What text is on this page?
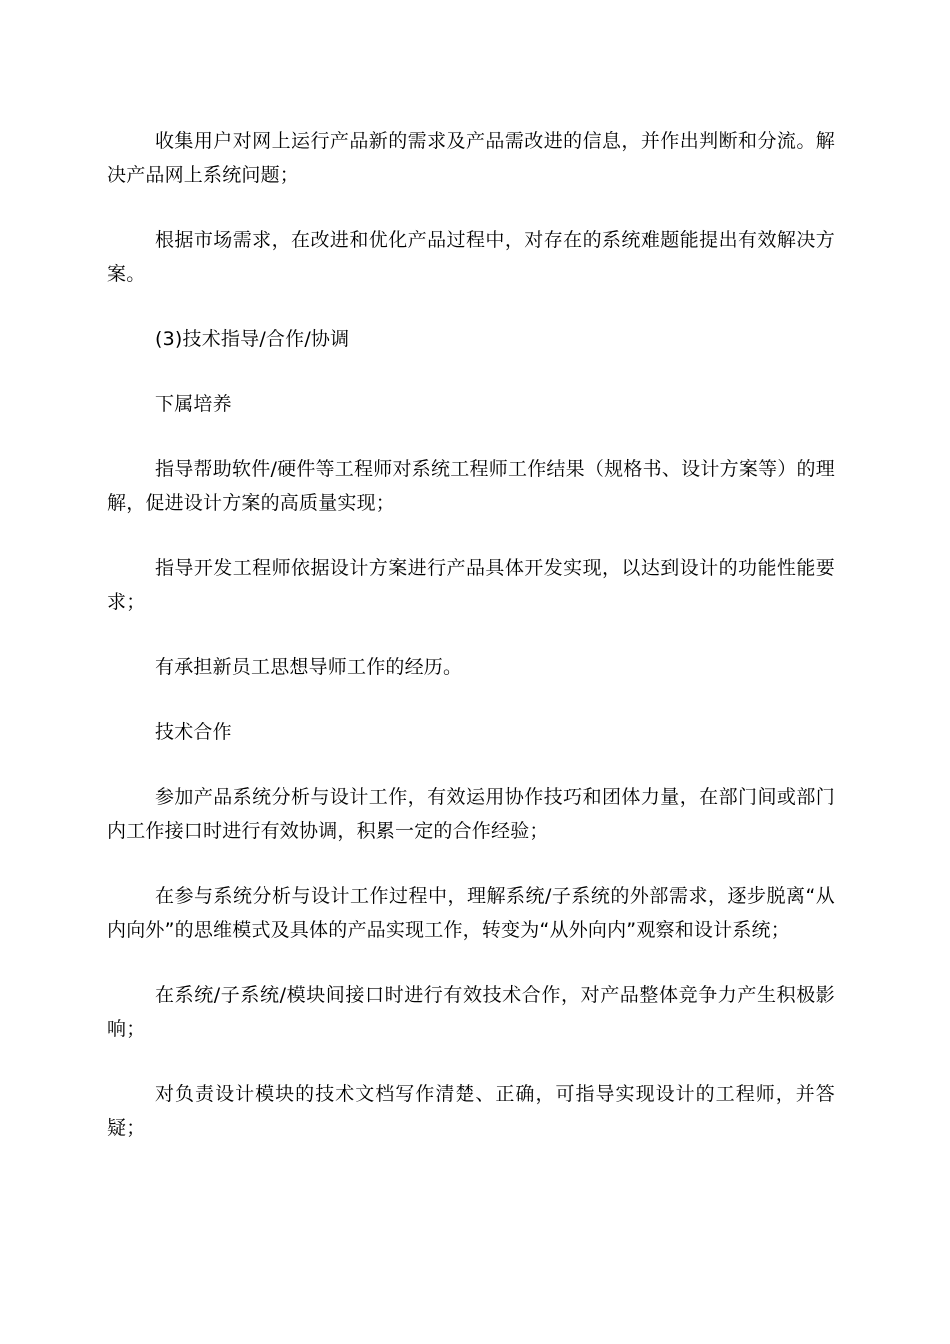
收集用户对网上运行产品新的需求及产品需改进的信息，并作出判断和分流。解决产品网上系统问题；

根据市场需求，在改进和优化产品过程中，对存在的系统难题能提出有效解决方案。

(3)技术指导/合作/协调

下属培养

指导帮助软件/硬件等工程师对系统工程师工作结果（规格书、设计方案等）的理解，促进设计方案的高质量实现；

指导开发工程师依据设计方案进行产品具体开发实现，以达到设计的功能性能要求；

有承担新员工思想导师工作的经历。

技术合作

参加产品系统分析与设计工作，有效运用协作技巧和团体力量，在部门间或部门内工作接口时进行有效协调，积累一定的合作经验；

在参与系统分析与设计工作过程中，理解系统/子系统的外部需求，逐步脱离“从内向外”的思维模式及具体的产品实现工作，转变为“从外向内”观察和设计系统；

在系统/子系统/模块间接口时进行有效技术合作，对产品整体竞争力产生积极影响；

对负责设计模块的技术文档写作清楚、正确，可指导实现设计的工程师，并答疑；
